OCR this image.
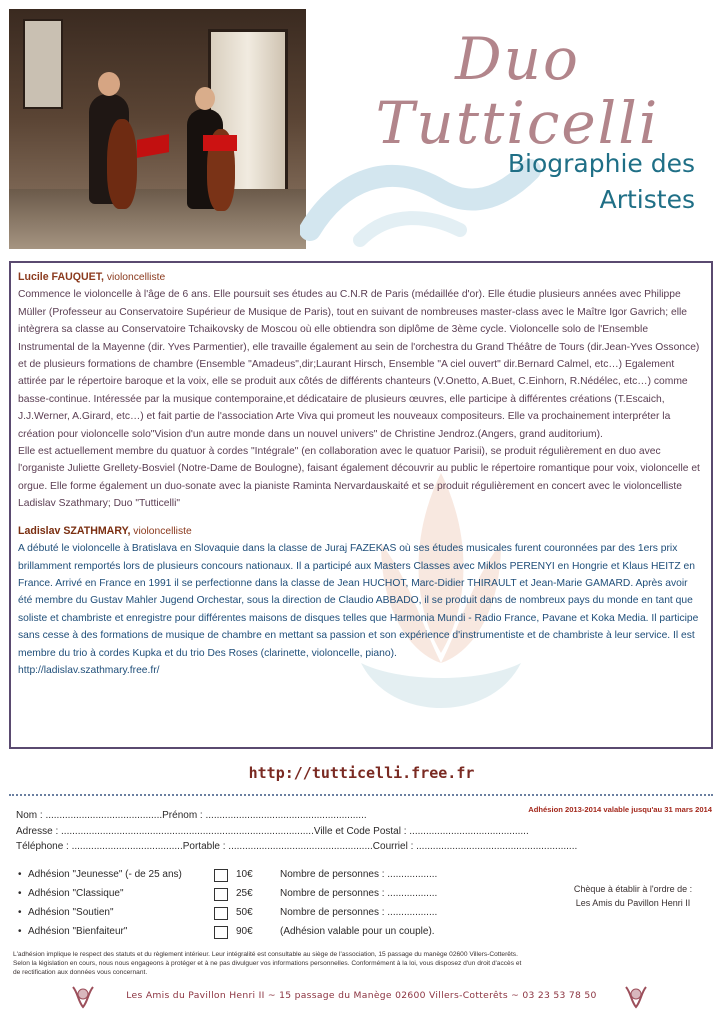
Duo Tutticelli
Biographie des
Artistes
Lucile FAUQUET, violoncelliste
Commence le violoncelle à l'âge de 6 ans. Elle poursuit ses études au C.N.R de Paris (médaillée d'or). Elle étudie plusieurs années avec Philippe Müller (Professeur au Conservatoire Supérieur de Musique de Paris), tout en suivant de nombreuses master-class avec le Maître Igor Gavrich; elle intègrera sa classe au Conservatoire Tchaikovsky de Moscou où elle obtiendra son diplôme de 3ème cycle. Violoncelle solo de l'Ensemble Instrumental de la Mayenne (dir. Yves Parmentier), elle travaille également au sein de l'orchestra du Grand Théâtre de Tours (dir.Jean-Yves Ossonce) et de plusieurs formations de chambre (Ensemble "Amadeus",dir;Laurant Hirsch, Ensemble "A ciel ouvert" dir.Bernard Calmel, etc…) Egalement attirée par le répertoire baroque et la voix, elle se produit aux côtés de différents chanteurs (V.Onetto, A.Buet, C.Einhorn, R.Nédélec, etc…) comme basse-continue. Intéressée par la musique contemporaine,et dédicataire de plusieurs œuvres, elle participe à différentes créations (T.Escaich, J.J.Werner, A.Girard, etc…) et fait partie de l'association Arte Viva qui promeut les nouveaux compositeurs. Elle va prochainement interpréter la création pour violoncelle solo"Vision d'un autre monde dans un nouvel univers" de Christine Jendroz.(Angers, grand auditorium).
Elle est actuellement membre du quatuor à cordes "Intégrale" (en collaboration avec le quatuor Parisii), se produit régulièrement en duo avec l'organiste Juliette Grellety-Bosviel (Notre-Dame de Boulogne), faisant également découvrir au public le répertoire romantique pour voix, violoncelle et orgue. Elle forme également un duo-sonate avec la pianiste Raminta Nervardauskaité et se produit régulièrement en concert avec le violoncelliste Ladislav Szathmary; Duo "Tutticelli"
Ladislav SZATHMARY, violoncelliste
A débuté le violoncelle à Bratislava en Slovaquie dans la classe de Juraj FAZEKAS où ses études musicales furent couronnées par des 1ers prix brillamment remportés lors de plusieurs concours nationaux. Il a participé aux Masters Classes avec Miklos PERENYI en Hongrie et Klaus HEITZ en France. Arrivé en France en 1991 il se perfectionne dans la classe de Jean HUCHOT, Marc-Didier THIRAULT et Jean-Marie GAMARD. Après avoir été membre du Gustav Mahler Jugend Orchestar, sous la direction de Claudio ABBADO, il se produit dans de nombreux pays du monde en tant que soliste et chambriste et enregistre pour différentes maisons de disques telles que Harmonia Mundi - Radio France, Pavane et Koka Media. Il participe sans cesse à des formations de musique de chambre en mettant sa passion et son expérience d'instrumentiste et de chambriste à leur service. Il est membre du trio à cordes Kupka et du trio Des Roses (clarinette, violoncelle, piano).
http://ladislav.szathmary.free.fr/
http://tutticelli.free.fr
Adhésion 2013-2014 valable jusqu'au 31 mars 2014
Nom : ..........................................Prénom : ..........................................................
Adresse : ...........................................................................................Ville et Code Postal : ...........................................
Téléphone : ........................................Portable : ....................................................Courriel : ..........................................................
• Adhésion "Jeunesse" (- de 25 ans)	10€	Nombre de personnes : ..................
• Adhésion "Classique"	25€	Nombre de personnes : ..................
• Adhésion "Soutien"	50€	Nombre de personnes : ..................
• Adhésion "Bienfaiteur"	90€	(Adhésion valable pour un couple).
Chèque à établir à l'ordre de :
Les Amis du Pavillon Henri II
L'adhésion implique le respect des statuts et du règlement intérieur. Leur intégralité est consultable au siège de l'association, 15 passage du manège 02600 Villers-Cotterêts.
Selon la législation en cours, nous nous engageons à protéger et à ne pas divulguer vos informations personnelles. Conformément à la loi, vous disposez d'un droit d'accès et
de rectification aux données vous concernant.
Les Amis du Pavillon Henri II ~ 15 passage du Manège 02600 Villers-Cotterêts ~ 03 23 53 78 50
